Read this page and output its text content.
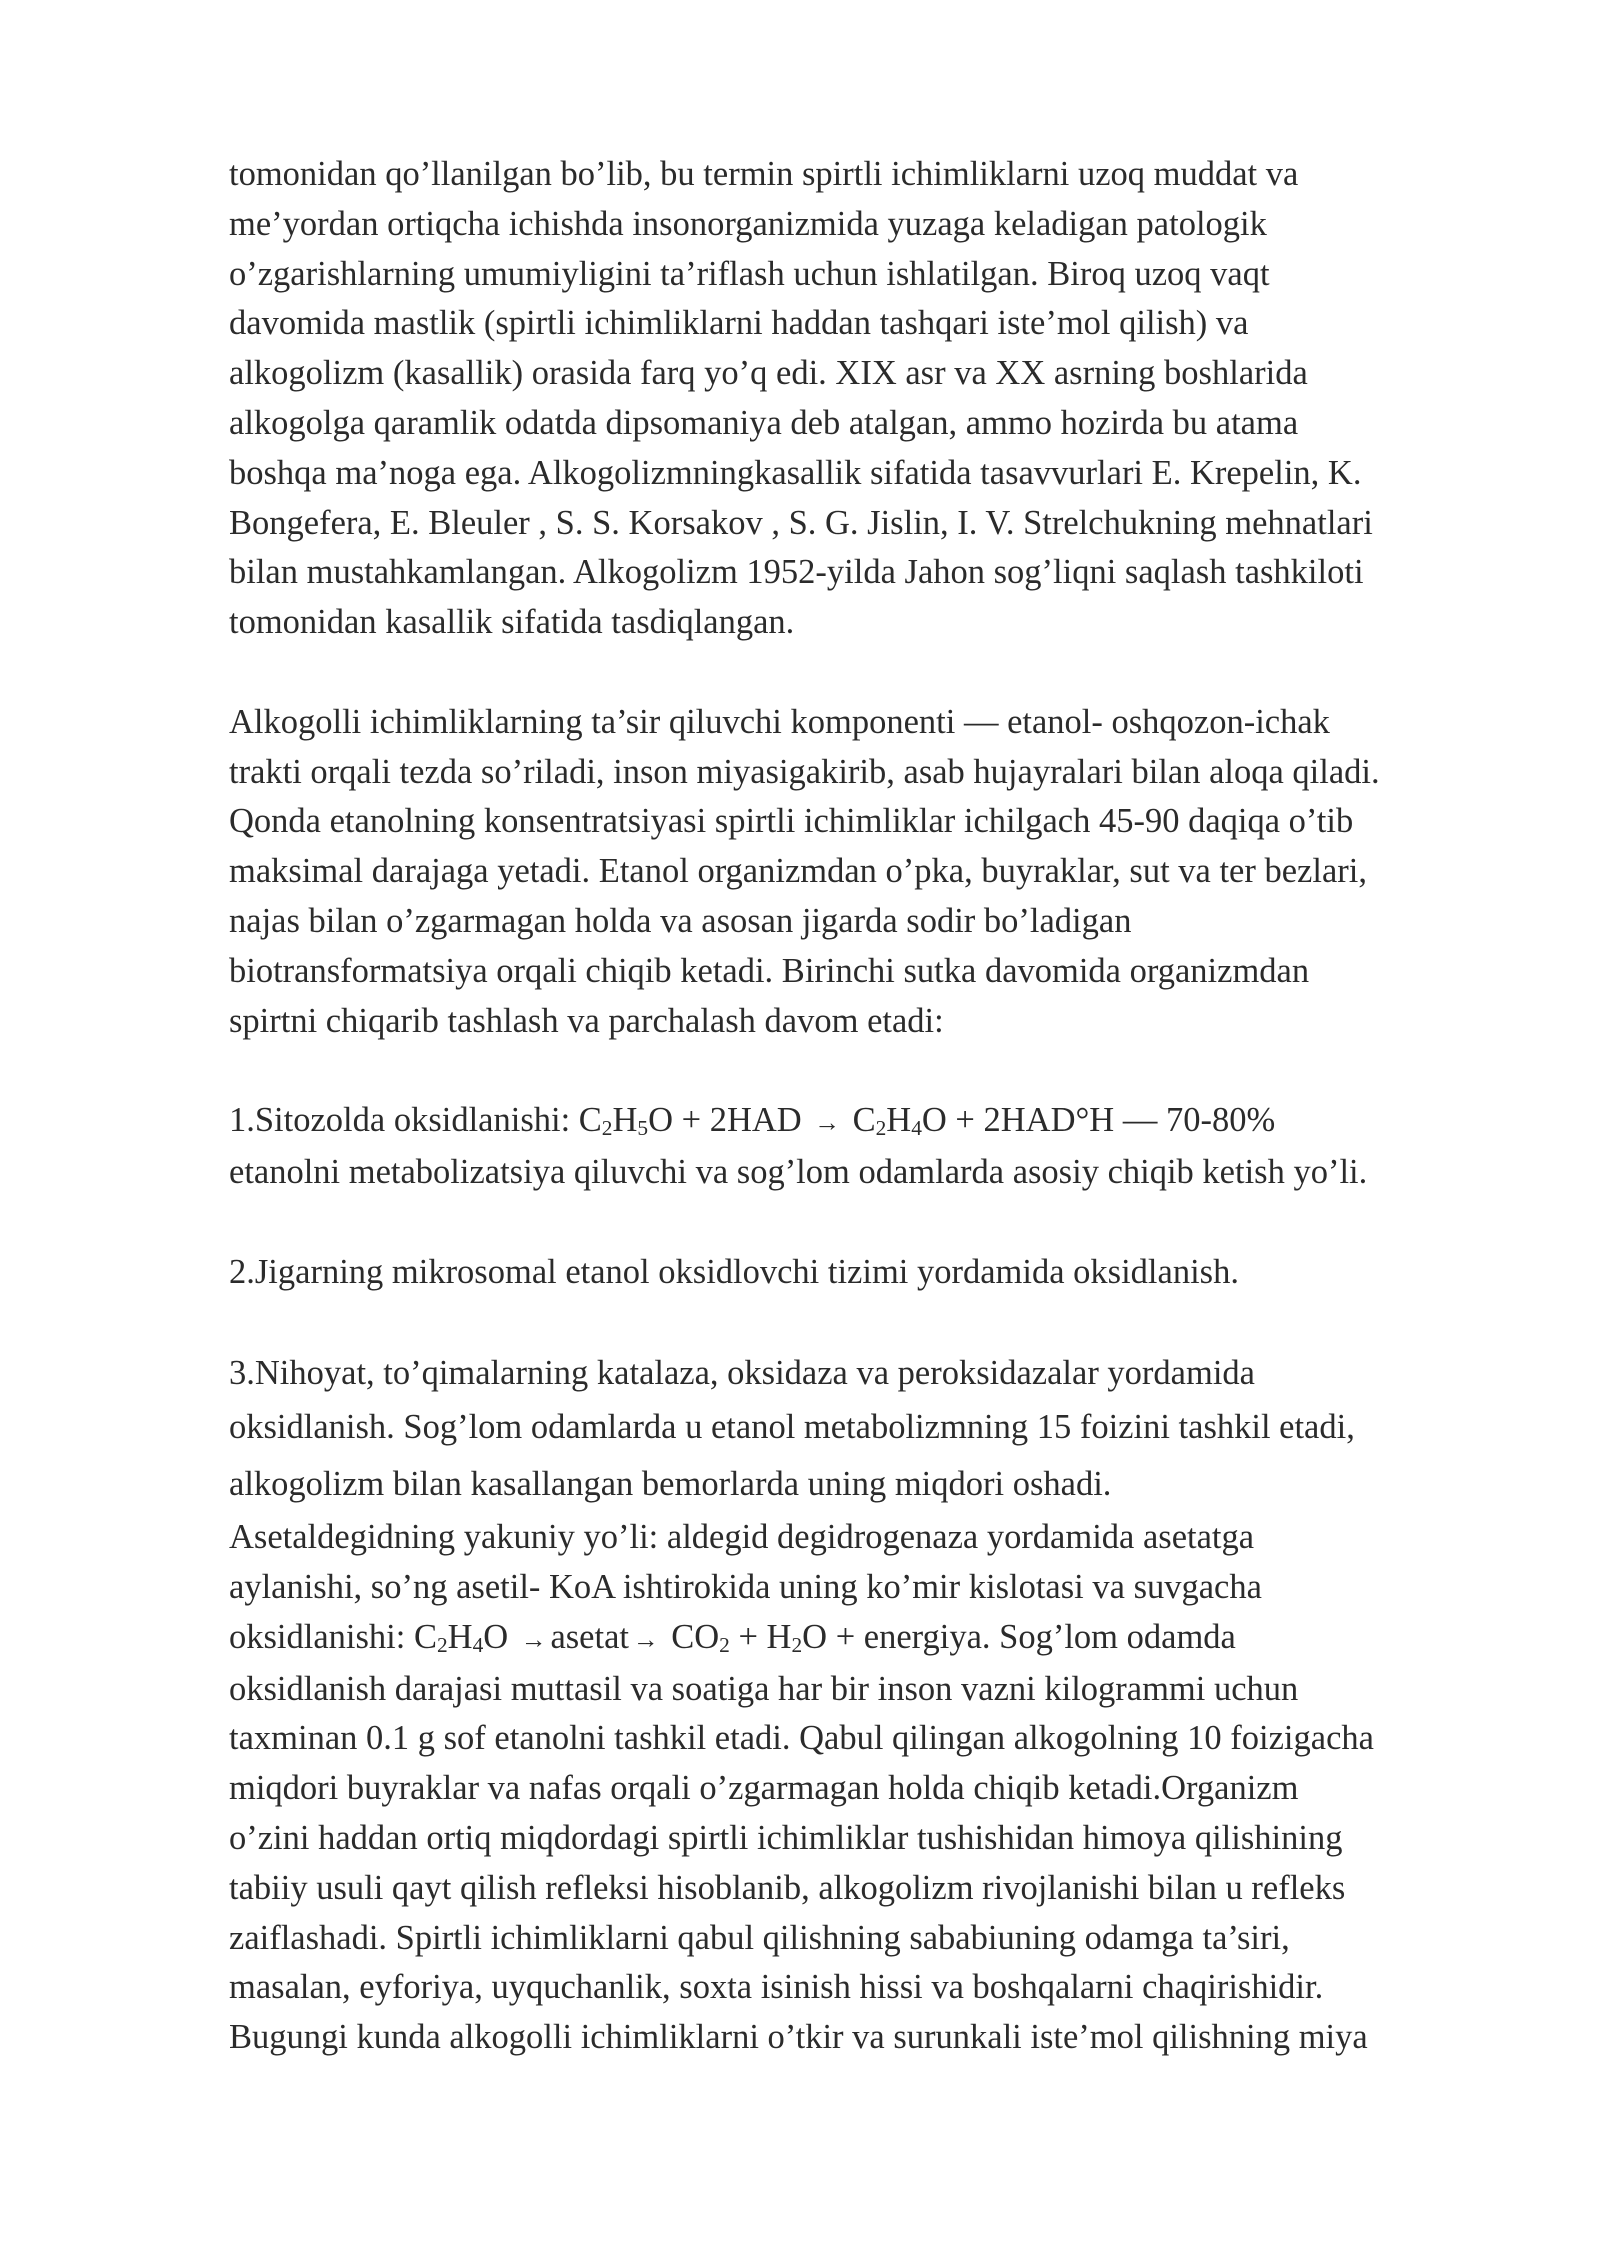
tomonidan qo’llanilgan bo’lib, bu termin spirtli ichimliklarni uzoq muddat va
me’yordan ortiqcha ichishda insonorganizmida yuzaga keladigan patologik
o’zgarishlarning umumiyligini ta’riflash uchun ishlatilgan. Biroq uzoq vaqt
davomida mastlik (spirtli ichimliklarni haddan tashqari iste’mol qilish) va
alkogolizm (kasallik) orasida farq yo’q edi. XIX asr va XX asrning boshlarida
alkogolga qaramlik odatda dipsomaniya deb atalgan, ammo hozirda bu atama
boshqa ma’noga ega. Alkogolizmningkasallik sifatida tasavvurlari E. Krepelin, K.
Bongefera, E. Bleuler , S. S. Korsakov , S. G. Jislin, I. V. Strelchukning mehnatlari
bilan mustahkamlangan. Alkogolizm 1952-yilda Jahon sog’liqni saqlash tashkiloti
tomonidan kasallik sifatida tasdiqlangan.
Alkogolli ichimliklarning ta’sir qiluvchi komponenti — etanol- oshqozon-ichak
trakti orqali tezda so’riladi, inson miyasigakirib, asab hujayralari bilan aloqa qiladi.
Qonda etanolning konsentratsiyasi spirtli ichimliklar ichilgach 45-90 daqiqa o’tib
maksimal darajaga yetadi. Etanol organizmdan o’pka, buyraklar, sut va ter bezlari,
najas bilan o’zgarmagan holda va asosan jigarda sodir bo’ladigan
biotransformatsiya orqali chiqib ketadi. Birinchi sutka davomida organizmdan
spirtni chiqarib tashlash va parchalash davom etadi:
1.Sitozolda oksidlanishi: $C_2H_5O + 2HAD \to C_2H_4O + 2HAD^\circ H$ — 70-80%
etanolni metabolizatsiya qiluvchi va sog’lom odamlarda asosiy chiqib ketish yo’li.
2.Jigarning mikrosomal etanol oksidlovchi tizimi yordamida oksidlanish.
3.Nihoyat, to’qimalarning katalaza, oksidaza va peroksidazalar yordamida
oksidlanish. Sog’lom odamlarda u etanol metabolizmning 15 foizini tashkil etadi,
alkogolizm bilan kasallangan bemorlarda uning miqdori oshadi.
Asetaldegidning yakuniy yo’li: aldegid degidrogenaza yordamida asetatga
aylanishi, so’ng asetil- KoA ishtirokida uning ko’mir kislotasi va suvgacha
oksidlanishi: $C_2H_4O$ → asetat → $CO_2 + H_2O$ + energiya. Sog’lom odamda
oksidlanish darajasi muttasil va soatiga har bir inson vazni kilogrammi uchun
taxminan 0.1 g sof etanolni tashkil etadi. Qabul qilingan alkogolning 10 foizigacha
miqdori buyraklar va nafas orqali o’zgarmagan holda chiqib ketadi.Organizm
o’zini haddan ortiq miqdordagi spirtli ichimliklar tushishidan himoya qilishining
tabiiy usuli qayt qilish refleksi hisoblanib, alkogolizm rivojlanishi bilan u refleks
zaiflashadi. Spirtli ichimliklarni qabul qilishning sababiuning odamga ta’siri,
masalan, eyforiya, uyquchanlik, soxta isinish hissi va boshqalarni chaqirishidir.
Bugungi kunda alkogolli ichimliklarni o’tkir va surunkali iste’mol qilishning miya
